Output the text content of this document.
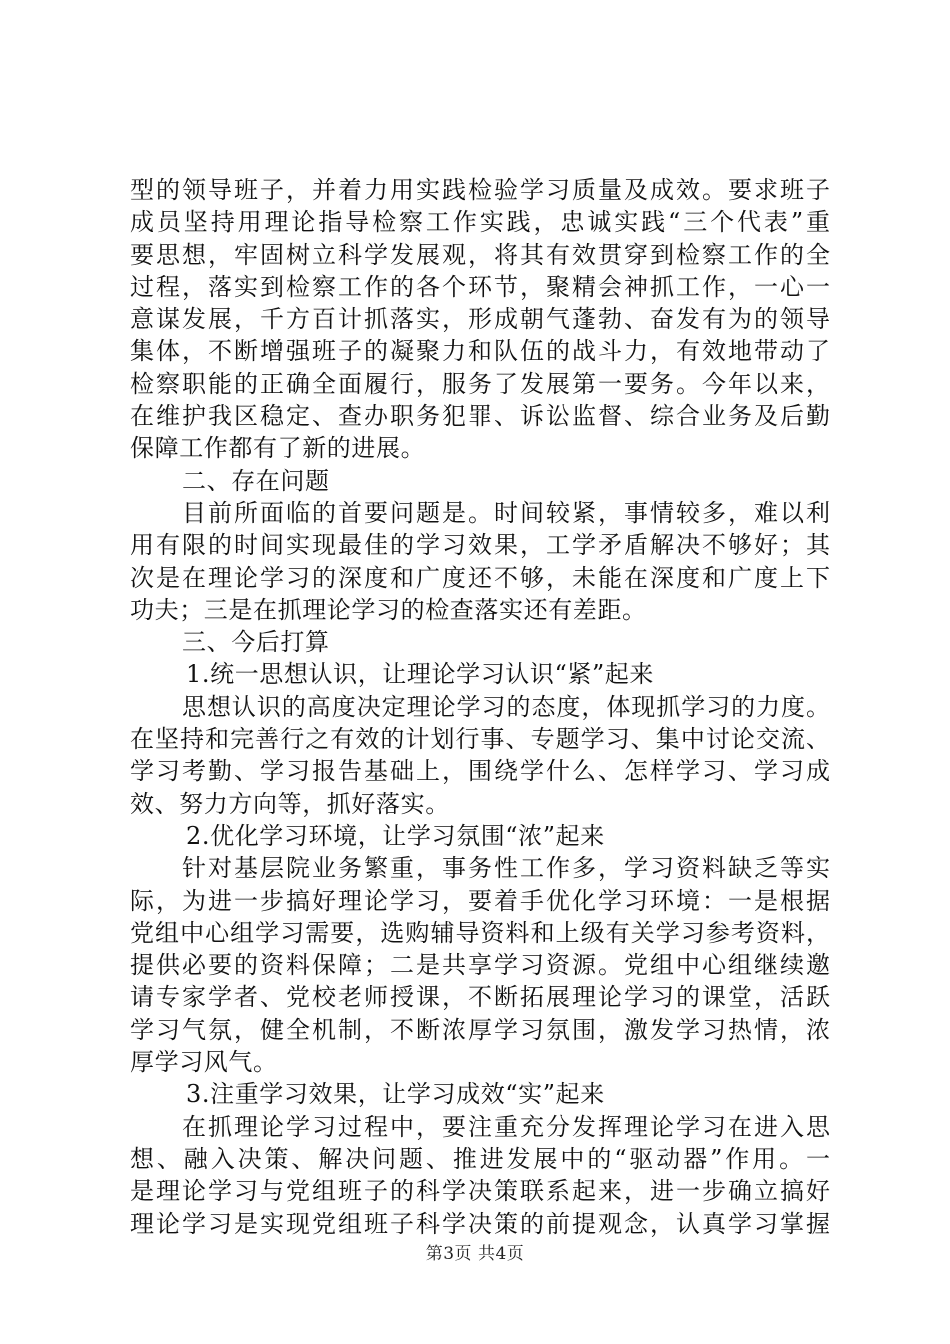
型的领导班子，并着力用实践检验学习质量及成效。要求班子
成员坚持用理论指导检察工作实践，忠诚实践“三个代表”重
要思想，牢固树立科学发展观，将其有效贯穿到检察工作的全
过程，落实到检察工作的各个环节，聚精会神抓工作，一心一
意谋发展，千方百计抓落实，形成朝气蓬勃、奋发有为的领导
集体，不断增强班子的凝聚力和队伍的战斗力，有效地带动了
检察职能的正确全面履行，服务了发展第一要务。今年以来，
在维护我区稳定、查办职务犯罪、诉讼监督、综合业务及后勤
保障工作都有了新的进展。
二、存在问题
目前所面临的首要问题是。时间较紧，事情较多，难以利
用有限的时间实现最佳的学习效果，工学矛盾解决不够好；其
次是在理论学习的深度和广度还不够，未能在深度和广度上下
功夫；三是在抓理论学习的检查落实还有差距。
三、今后打算
1.统一思想认识，让理论学习认识“紧”起来
思想认识的高度决定理论学习的态度，体现抓学习的力度。
在坚持和完善行之有效的计划行事、专题学习、集中讨论交流、
学习考勤、学习报告基础上，围绕学什么、怎样学习、学习成
效、努力方向等，抓好落实。
2.优化学习环境，让学习氛围“浓”起来
针对基层院业务繁重，事务性工作多，学习资料缺乏等实
际，为进一步搞好理论学习，要着手优化学习环境：一是根据
党组中心组学习需要，选购辅导资料和上级有关学习参考资料，
提供必要的资料保障；二是共享学习资源。党组中心组继续邀
请专家学者、党校老师授课，不断拓展理论学习的课堂，活跃
学习气氛，健全机制，不断浓厚学习氛围，激发学习热情，浓
厚学习风气。
3.注重学习效果，让学习成效“实”起来
在抓理论学习过程中，要注重充分发挥理论学习在进入思
想、融入决策、解决问题、推进发展中的“驱动器”作用。一
是理论学习与党组班子的科学决策联系起来，进一步确立搞好
理论学习是实现党组班子科学决策的前提观念，认真学习掌握
第3页 共4页
